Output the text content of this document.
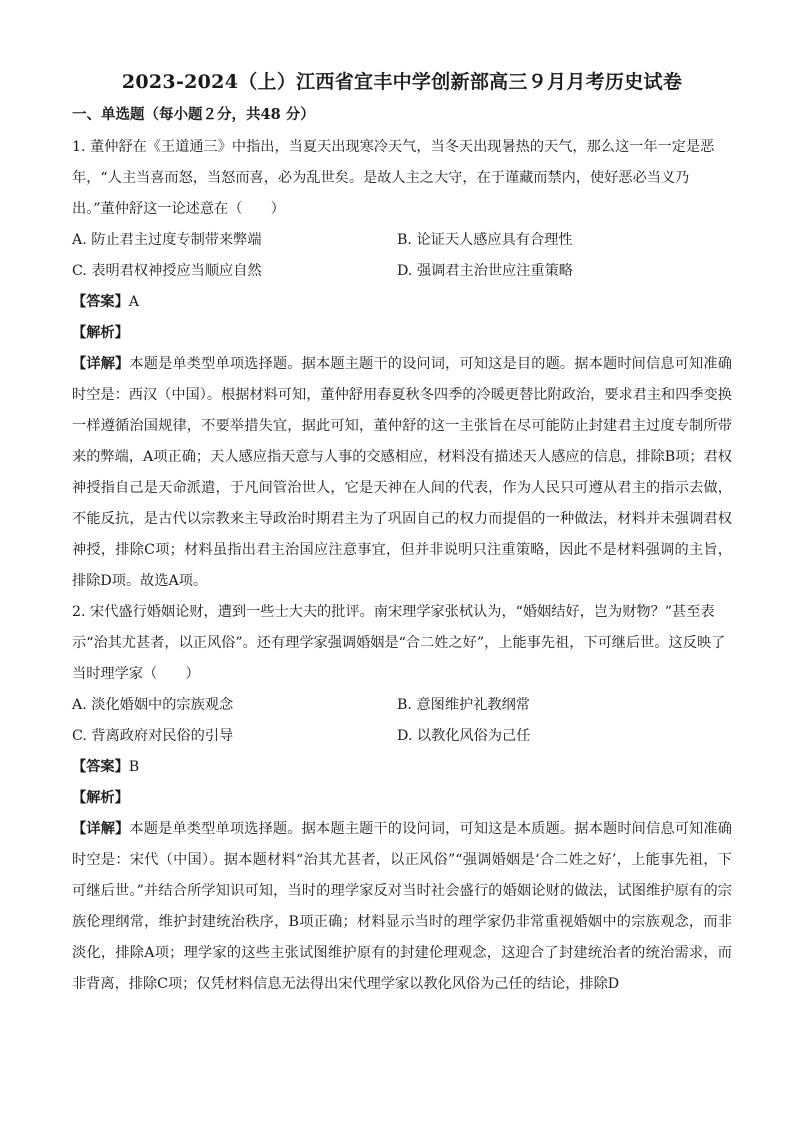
2023-2024（上）江西省宜丰中学创新部高三９月月考历史试卷
一、单选题（每小题２分，共48 分）

1. 董仲舒在《王道通三》中指出，当夏天出现寒冷天气，当冬天出现暑热的天气，那么这一年一定是恶年，“人主当喜而怒，当怒而喜，必为乱世矣。是故人主之大守，在于谨藏而禁内，使好恶必当义乃出。”董仲舒这一论述意在（　　）

A. 防止君主过度专制带来弊端	B. 论证天人感应具有合理性
C. 表明君权神授应当顺应自然	D. 强调君主治世应注重策略
【答案】A
【解析】
【详解】本题是单类型单项选择题。据本题主题干的设问词，可知这是目的题。据本题时间信息可知准确时空是：西汉（中国）。根据材料可知，董仲舒用春夏秋冬四季的冷暖更替比附政治，要求君主和四季变换一样遵循治国规律，不要举措失宜，据此可知，董仲舒的这一主张旨在尽可能防止封建君主过度专制所带来的弊端，A项正确；天人感应指天意与人事的交感相应，材料没有描述天人感应的信息，排除B项；君权神授指自己是天命派遣，于凡间管治世人，它是天神在人间的代表，作为人民只可遵从君主的指示去做，不能反抗，是古代以宗教来主导政治时期君主为了巩固自己的权力而提倡的一种做法，材料并未强调君权神授，排除C项；材料虽指出君主治国应注意事宜，但并非说明只注重策略，因此不是材料强调的主旨，排除D项。故选A项。

2. 宋代盛行婚姻论财，遭到一些士大夫的批评。南宋理学家张栻认为，“婚姻结好，岂为财物？”甚至表示“治其尤甚者，以正风俗”。还有理学家强调婚姻是“合二姓之好”，上能事先祖，下可继后世。这反映了当时理学家（　　）

A. 淡化婚姻中的宗族观念	B. 意图维护礼教纲常
C. 背离政府对民俗的引导	D. 以教化风俗为己任
【答案】B
【解析】
【详解】本题是单类型单项选择题。据本题主题干的设问词，可知这是本质题。据本题时间信息可知准确时空是：宋代（中国）。据本题材料“治其尤甚者，以正风俗”“强调婚姻是‘合二姓之好’，上能事先祖，下可继后世。”并结合所学知识可知，当时的理学家反对当时社会盛行的婚姻论财的做法，试图维护原有的宗族伦理纲常，维护封建统治秩序，B项正确；材料显示当时的理学家仍非常重视婚姻中的宗族观念，而非淡化，排除A项；理学家的这些主张试图维护原有的封建伦理观念，这迎合了封建统治者的统治需求，而非背离，排除C项；仅凭材料信息无法得出宋代理学家以教化风俗为己任的结论，排除D
